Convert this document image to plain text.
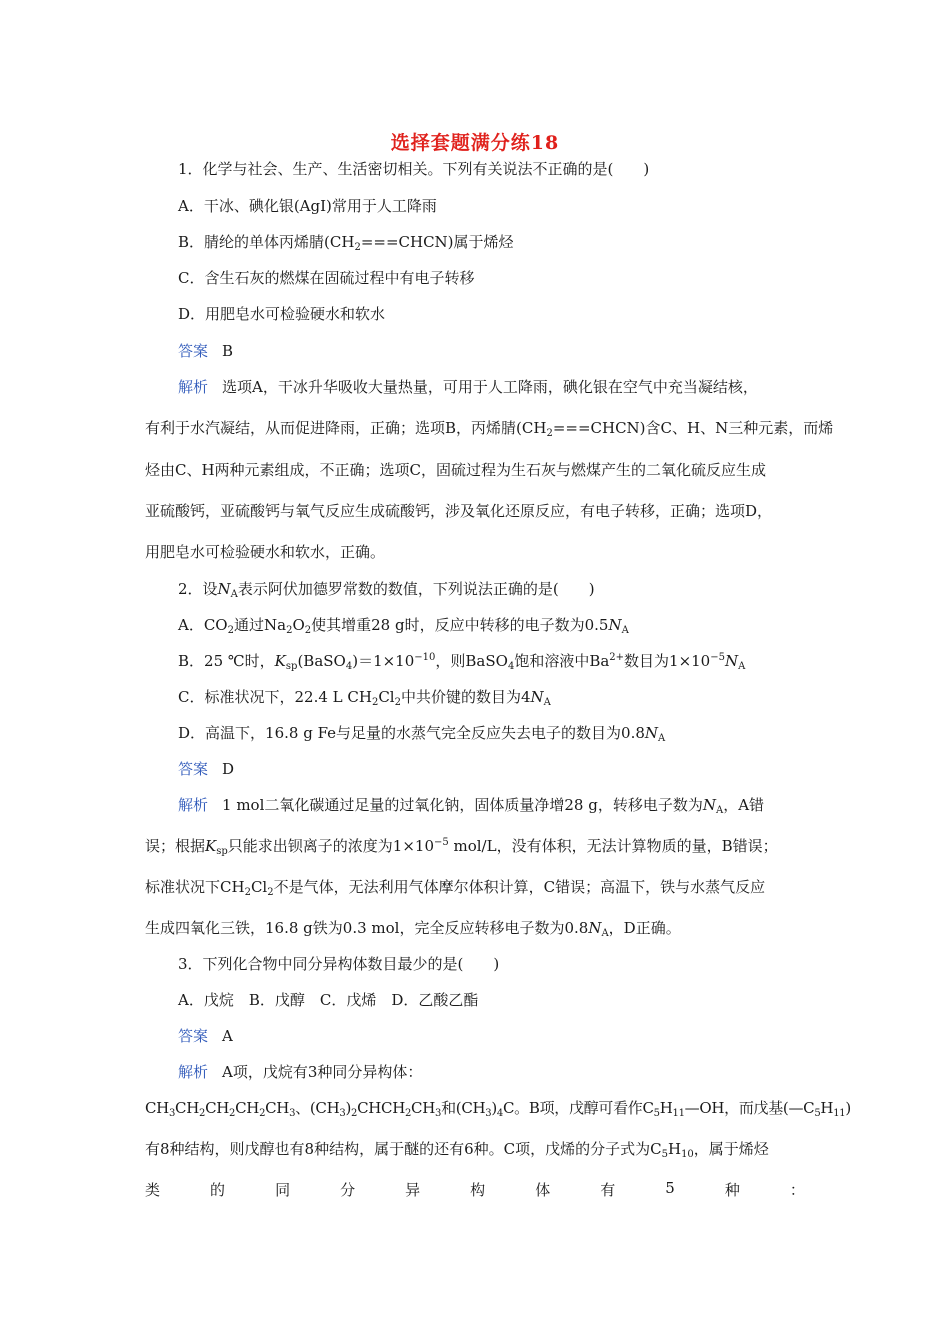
选择套题满分练18
1．化学与社会、生产、生活密切相关。下列有关说法不正确的是(　　)
A．干冰、碘化银(AgI)常用于人工降雨
B．腈纶的单体丙烯腈$(CH_2===CHCN)$属于烯烃
C．含生石灰的燃煤在固硫过程中有电子转移
D．用肥皂水可检验硬水和软水
答案 B
解析 选项A，干冰升华吸收大量热量，可用于人工降雨，碘化银在空气中充当凝结核，
有利于水汽凝结，从而促进降雨，正确；选项B，丙烯腈$(CH_2===CHCN)$含C、H、N三种元素，而烯
烃由C、H两种元素组成，不正确；选项C，固硫过程为生石灰与燃煤产生的二氧化硫反应生成
亚硫酸钙，亚硫酸钙与氧气反应生成硫酸钙，涉及氧化还原反应，有电子转移，正确；选项D，
用肥皂水可检验硬水和软水，正确。
2．设$N_A$表示阿伏加德罗常数的数值，下列说法正确的是(　　)
A．$CO_2$通过$Na_2O_2$使其增重28 g时，反应中转移的电子数为$0.5N_A$
B．25 ℃时，$K_{sp}(BaSO_4)=1\times 10^{-10}$，则BaSO$_4$饱和溶液中$Ba^{2+}$数目为$1\times 10^{-5}N_A$
C．标准状况下，22.4 L $CH_2Cl_2$中共价键的数目为$4N_A$
D．高温下，16.8 g Fe与足量的水蒸气完全反应失去电子的数目为$0.8N_A$
答案 D
解析 1 mol二氧化碳通过足量的过氧化钠，固体质量净增28 g，转移电子数为$N_A$，A错
误；根据$K_{sp}$只能求出钡离子的浓度为$1\times 10^{-5}$ mol/L，没有体积，无法计算物质的量，B错误；
标准状况下$CH_2Cl_2$不是气体，无法利用气体摩尔体积计算，C错误；高温下，铁与水蒸气反应
生成四氧化三铁，16.8 g铁为0.3 mol，完全反应转移电子数为$0.8N_A$，D正确。
3．下列化合物中同分异构体数目最少的是(　　)
A．戊烷　B．戊醇　C．戊烯　D．乙酸乙酯
答案 A
解析 A项，戊烷有3种同分异构体：
$CH_3CH_2CH_2CH_2CH_3$、$(CH_3)_2CHCH_2CH_3$和$(CH_3)_4C$。B项，戊醇可看作$C_5H_{11}—OH$，而戊基$(—C_5H_{11})$
有8种结构，则戊醇也有8种结构，属于醚的还有6种。C项，戊烯的分子式为$C_5H_{10}$，属于烯烃
类	的	同	分	异	构	体	有	5	种	：
